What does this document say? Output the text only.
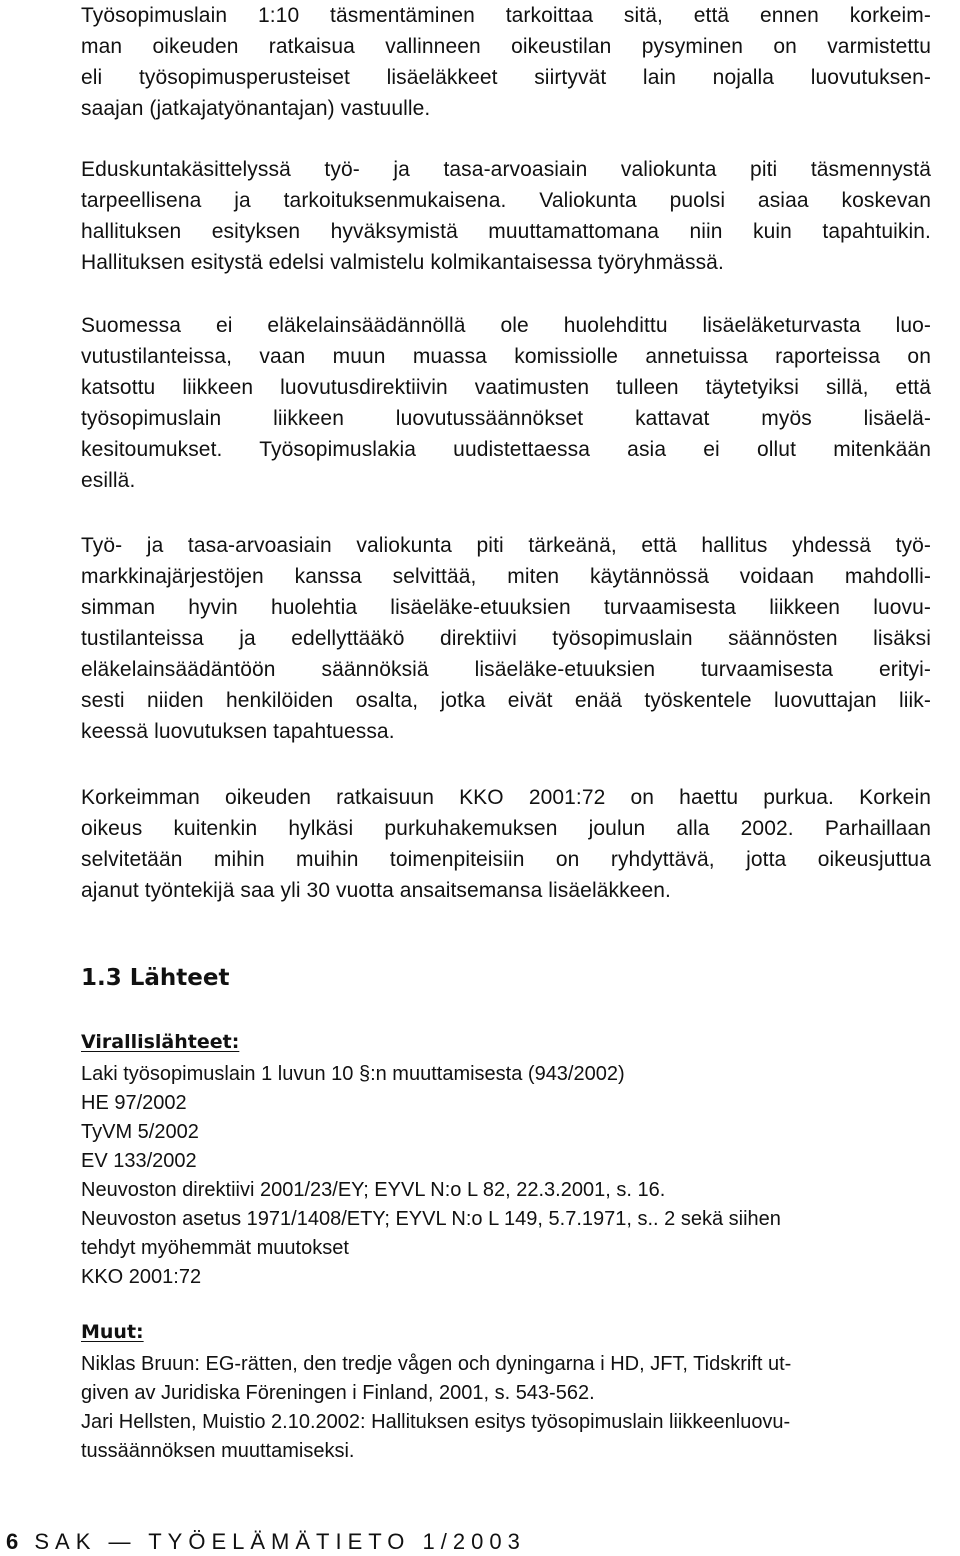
Työsopimuslain 1:10 täsmentäminen tarkoittaa sitä, että ennen korkeim-
man oikeuden ratkaisua vallinneen oikeustilan pysyminen on varmistettu
eli työsopimusperusteiset lisäeläkkeet siirtyvät lain nojalla luovutuksen-
saajan (jatkajatyönantajan) vastuulle.

Eduskuntakäsittelyssä työ- ja tasa-arvoasiain valiokunta piti täsmennystä
tarpeellisena ja tarkoituksenmukaisena. Valiokunta puolsi asiaa koskevan
hallituksen esityksen hyväksymistä muuttamattomana niin kuin tapahtuikin.
Hallituksen esitystä edelsi valmistelu kolmikantaisessa työryhmässä.

Suomessa ei eläkelainsäädännöllä ole huolehdittu lisäeläketurvasta luo-
vutustilanteissa, vaan muun muassa komissiolle annetuissa raporteissa on
katsottu liikkeen luovutusdirektiivin vaatimusten tulleen täytetyiksi sillä, että
työsopimuslain liikkeen luovutussäännökset kattavat myös lisäelä-
kesitoumukset. Työsopimuslakia uudistettaessa asia ei ollut mitenkään
esillä.

Työ- ja tasa-arvoasiain valiokunta piti tärkeänä, että hallitus yhdessä työ-
markkinajärjestöjen kanssa selvittää, miten käytännössä voidaan mahdolli-
simman hyvin huolehtia lisäeläke-etuuksien turvaamisesta liikkeen luovu-
tustilanteissa ja edellyttääkö direktiivi työsopimuslain säännösten lisäksi
eläkelainsäädäntöön säännöksiä lisäeläke-etuuksien turvaamisesta erityi-
sesti niiden henkilöiden osalta, jotka eivät enää työskentele luovuttajan liik-
keessä luovutuksen tapahtuessa.

Korkeimman oikeuden ratkaisuun KKO 2001:72 on haettu purkua. Korkein
oikeus kuitenkin hylkäsi purkuhakemuksen joulun alla 2002. Parhaillaan
selvitetään mihin muihin toimenpiteisiin on ryhdyttävä, jotta oikeusjuttua
ajanut työntekijä saa yli 30 vuotta ansaitsemansa lisäeläkkeen.

1.3 Lähteet
Virallislähteet:
Laki työsopimuslain 1 luvun 10 §:n muuttamisesta (943/2002)
HE 97/2002
TyVM 5/2002
EV 133/2002
Neuvoston direktiivi 2001/23/EY; EYVL N:o L 82, 22.3.2001, s. 16.
Neuvoston asetus 1971/1408/ETY; EYVL N:o L 149, 5.7.1971, s.. 2 sekä siihen
tehdyt myöhemmät muutokset
KKO 2001:72
Muut:
Niklas Bruun: EG-rätten, den tredje vågen och dyningarna i HD, JFT, Tidskrift ut-
given av Juridiska Föreningen i Finland, 2001, s. 543-562.
Jari Hellsten, Muistio 2.10.2002: Hallituksen esitys työsopimuslain liikkeenluovu-
tussäännöksen muuttamiseksi.
6 SAK — TYÖELÄMÄTIETO 1/2003
